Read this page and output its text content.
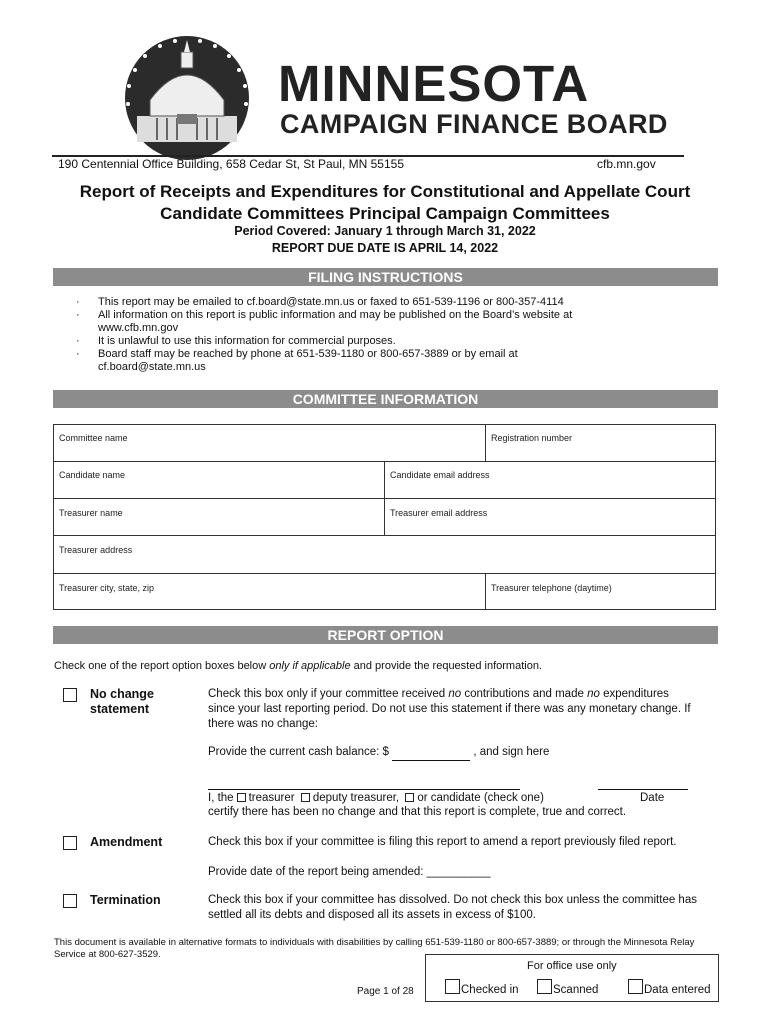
MINNESOTA
CAMPAIGN FINANCE BOARD
190 Centennial Office Building, 658 Cedar St, St Paul, MN 55155	cfb.mn.gov
Report of Receipts and Expenditures for Constitutional and Appellate Court
Candidate Committees Principal Campaign Committees
Period Covered: January 1 through March 31, 2022
REPORT DUE DATE IS APRIL 14, 2022
FILING INSTRUCTIONS
· This report may be emailed to cf.board@state.mn.us or faxed to 651-539-1196 or 800-357-4114
· All information on this report is public information and may be published on the Board’s website at www.cfb.mn.gov
· It is unlawful to use this information for commercial purposes.
· Board staff may be reached by phone at 651-539-1180 or 800-657-3889 or by email at cf.board@state.mn.us
COMMITTEE INFORMATION
Committee name	Registration number
Candidate name	Candidate email address
Treasurer name	Treasurer email address
Treasurer address
Treasurer city, state, zip	Treasurer telephone (daytime)
REPORT OPTION
Check one of the report option boxes below only if applicable and provide the requested information.
No change
statement
Check this box only if your committee received no contributions and made no expenditures since your last reporting period. Do not use this statement if there was any monetary change. If there was no change:
Provide the current cash balance: $	, and sign here
I, the treasurer deputy treasurer, or candidate (check one)	Date
certify there has been no change and that this report is complete, true and correct.
Amendment	Check this box if your committee is filing this report to amend a report previously filed report.
Provide date of the report being amended: __________
Termination	Check this box if your committee has dissolved. Do not check this box unless the committee has settled all its debts and disposed all its assets in excess of $100.
This document is available in alternative formats to individuals with disabilities by calling 651-539-1180 or 800-657-3889; or through the Minnesota Relay Service at 800-627-3529.
Page 1 of 28
For office use only
Checked in	Scanned	Data entered
